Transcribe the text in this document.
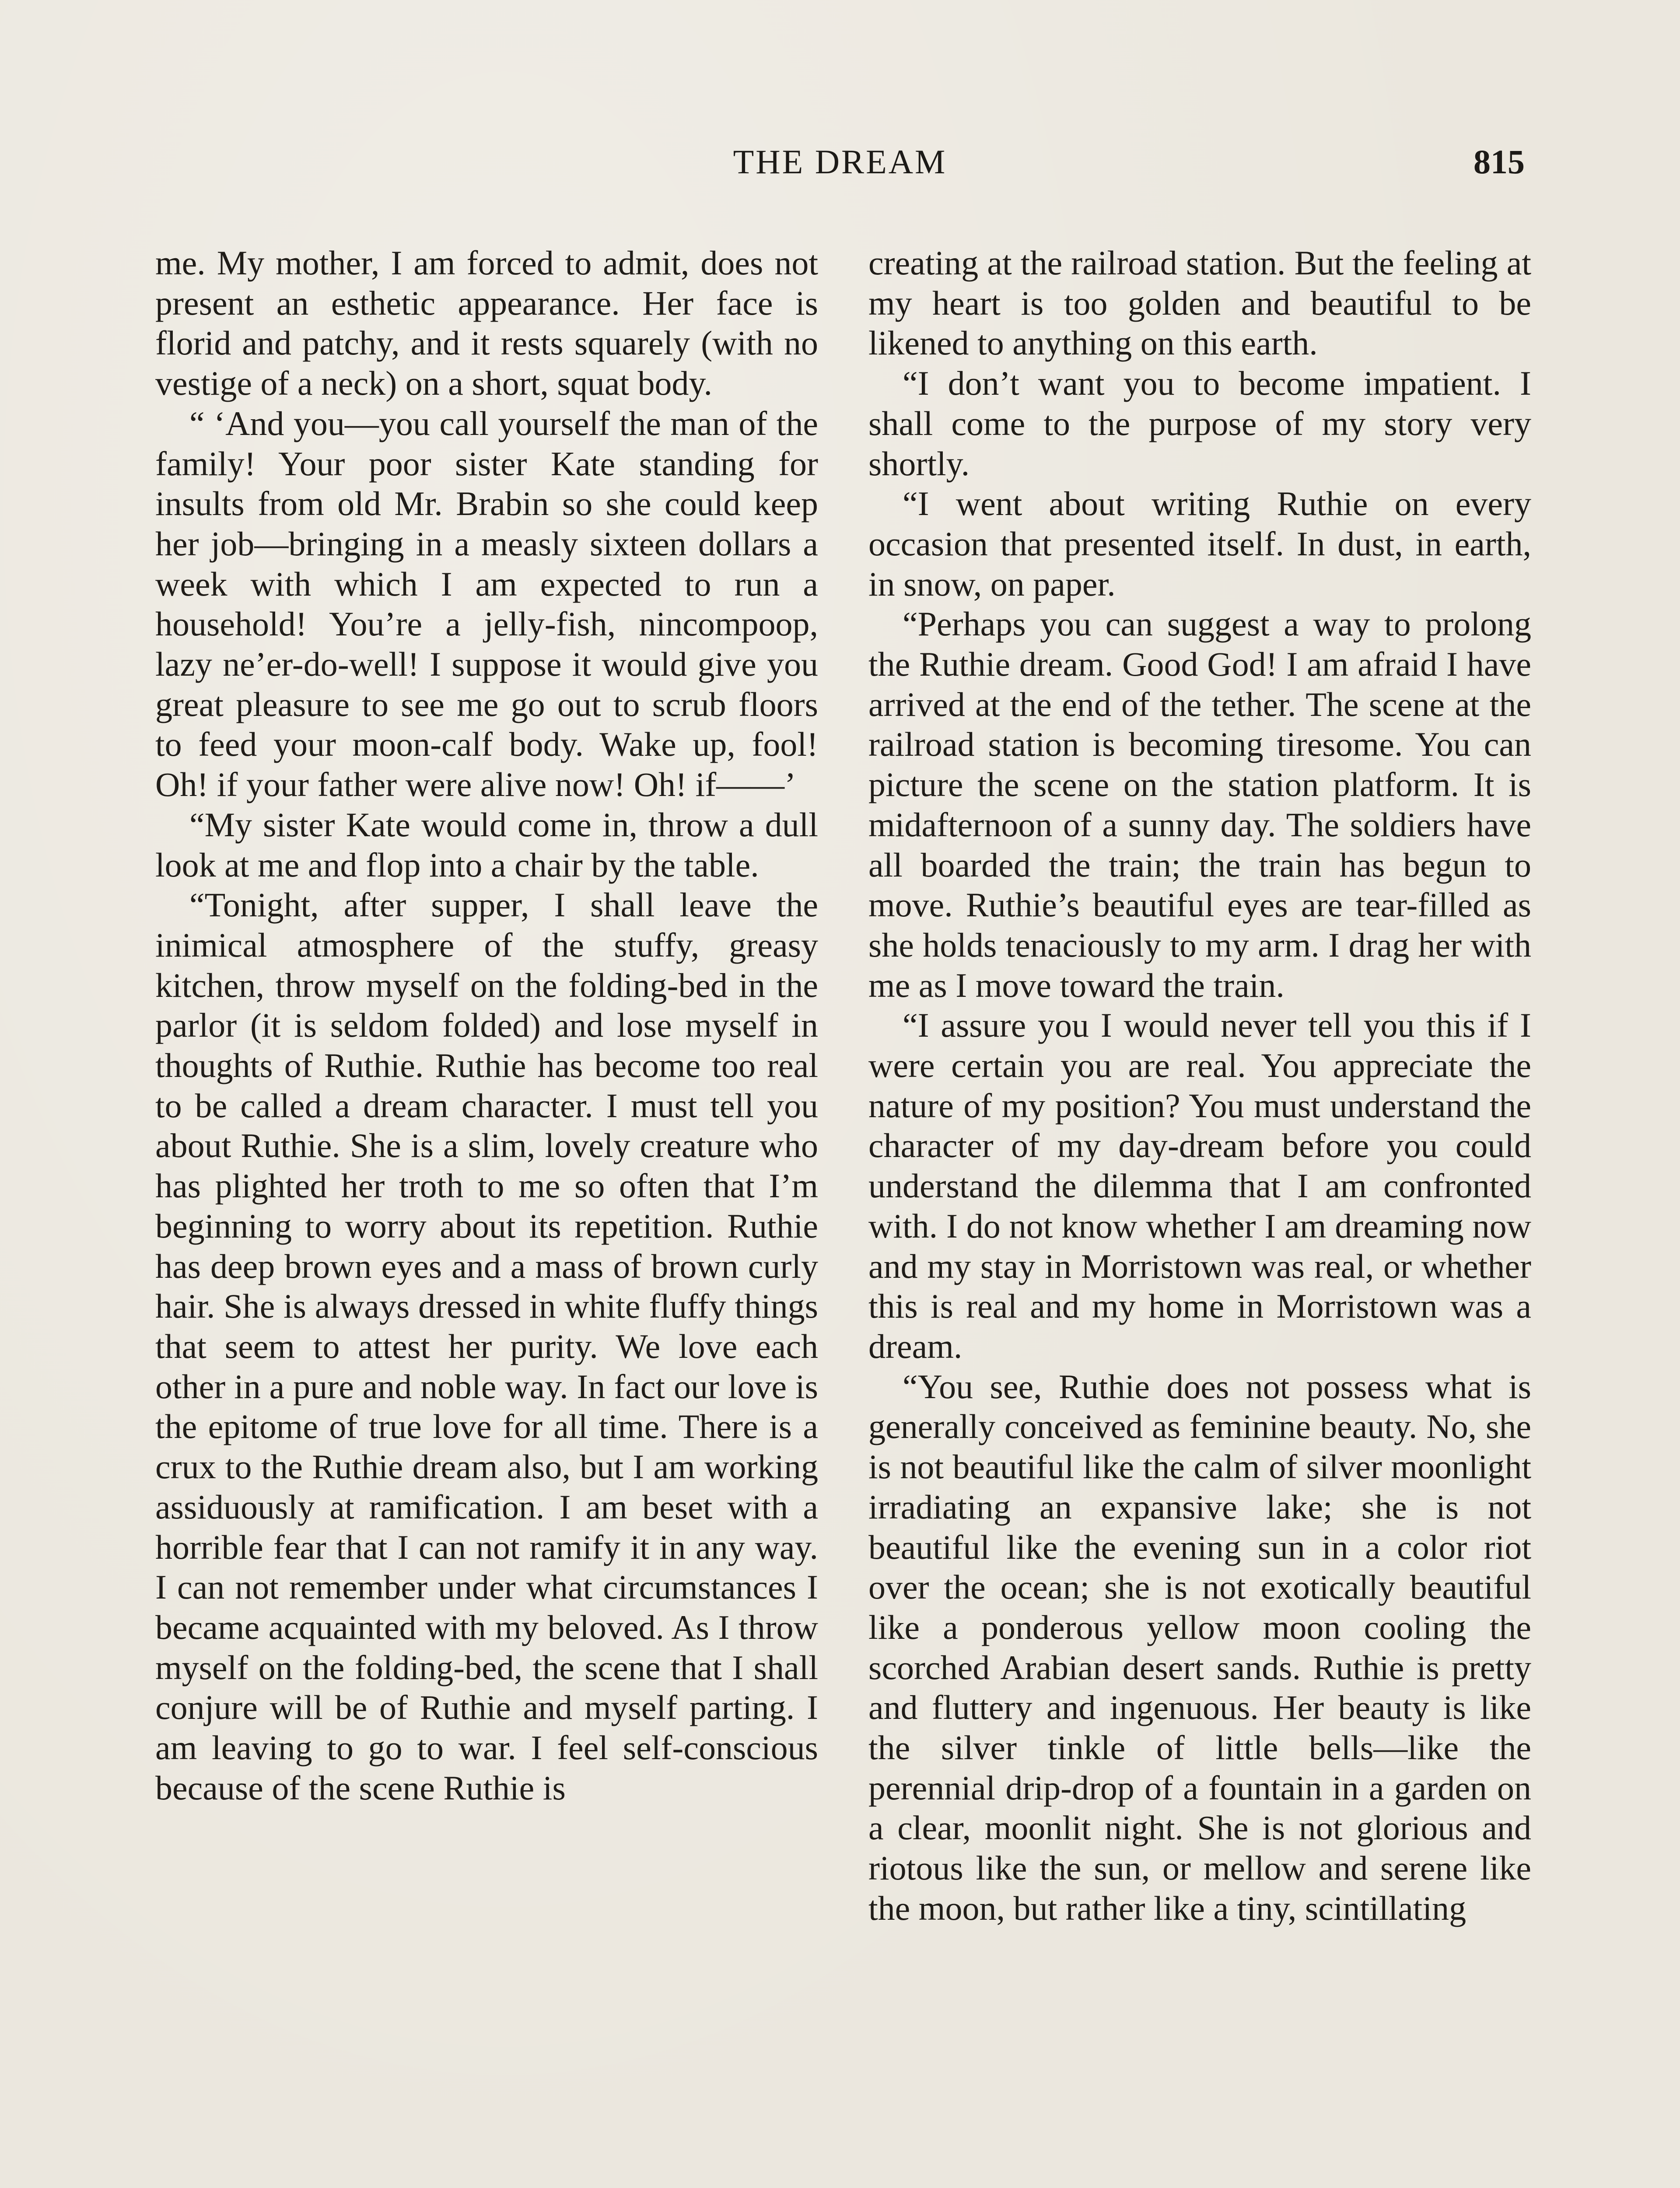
THE DREAM	815

me. My mother, I am forced to admit, does not present an esthetic appearance. Her face is florid and patchy, and it rests squarely (with no vestige of a neck) on a short, squat body.

“ ‘And you—you call yourself the man of the family! Your poor sister Kate standing for insults from old Mr. Brabin so she could keep her job—bringing in a measly sixteen dollars a week with which I am expected to run a household! You’re a jelly-fish, nincompoop, lazy ne’er-do-well! I suppose it would give you great pleasure to see me go out to scrub floors to feed your moon-calf body. Wake up, fool! Oh! if your father were alive now! Oh! if——’

“My sister Kate would come in, throw a dull look at me and flop into a chair by the table.

“Tonight, after supper, I shall leave the inimical atmosphere of the stuffy, greasy kitchen, throw myself on the folding-bed in the parlor (it is seldom folded) and lose myself in thoughts of Ruthie. Ruthie has become too real to be called a dream character. I must tell you about Ruthie. She is a slim, lovely creature who has plighted her troth to me so often that I’m beginning to worry about its repetition. Ruthie has deep brown eyes and a mass of brown curly hair. She is always dressed in white fluffy things that seem to attest her purity. We love each other in a pure and noble way. In fact our love is the epitome of true love for all time. There is a crux to the Ruthie dream also, but I am working assiduously at ramification. I am beset with a horrible fear that I can not ramify it in any way. I can not remember under what circumstances I became acquainted with my beloved. As I throw myself on the folding-bed, the scene that I shall conjure will be of Ruthie and myself parting. I am leaving to go to war. I feel self-conscious because of the scene Ruthie is

creating at the railroad station. But the feeling at my heart is too golden and beautiful to be likened to anything on this earth.

“I don’t want you to become impatient. I shall come to the purpose of my story very shortly.

“I went about writing Ruthie on every occasion that presented itself. In dust, in earth, in snow, on paper.

“Perhaps you can suggest a way to prolong the Ruthie dream. Good God! I am afraid I have arrived at the end of the tether. The scene at the railroad station is becoming tiresome. You can picture the scene on the station platform. It is midafternoon of a sunny day. The soldiers have all boarded the train; the train has begun to move. Ruthie’s beautiful eyes are tear-filled as she holds tenaciously to my arm. I drag her with me as I move toward the train.

“I assure you I would never tell you this if I were certain you are real. You appreciate the nature of my position? You must understand the character of my day-dream before you could understand the dilemma that I am confronted with. I do not know whether I am dreaming now and my stay in Morristown was real, or whether this is real and my home in Morristown was a dream.

“You see, Ruthie does not possess what is generally conceived as feminine beauty. No, she is not beautiful like the calm of silver moonlight irradiating an expansive lake; she is not beautiful like the evening sun in a color riot over the ocean; she is not exotically beautiful like a ponderous yellow moon cooling the scorched Arabian desert sands. Ruthie is pretty and fluttery and ingenuous. Her beauty is like the silver tinkle of little bells—like the perennial drip-drop of a fountain in a garden on a clear, moonlit night. She is not glorious and riotous like the sun, or mellow and serene like the moon, but rather like a tiny, scintillating
